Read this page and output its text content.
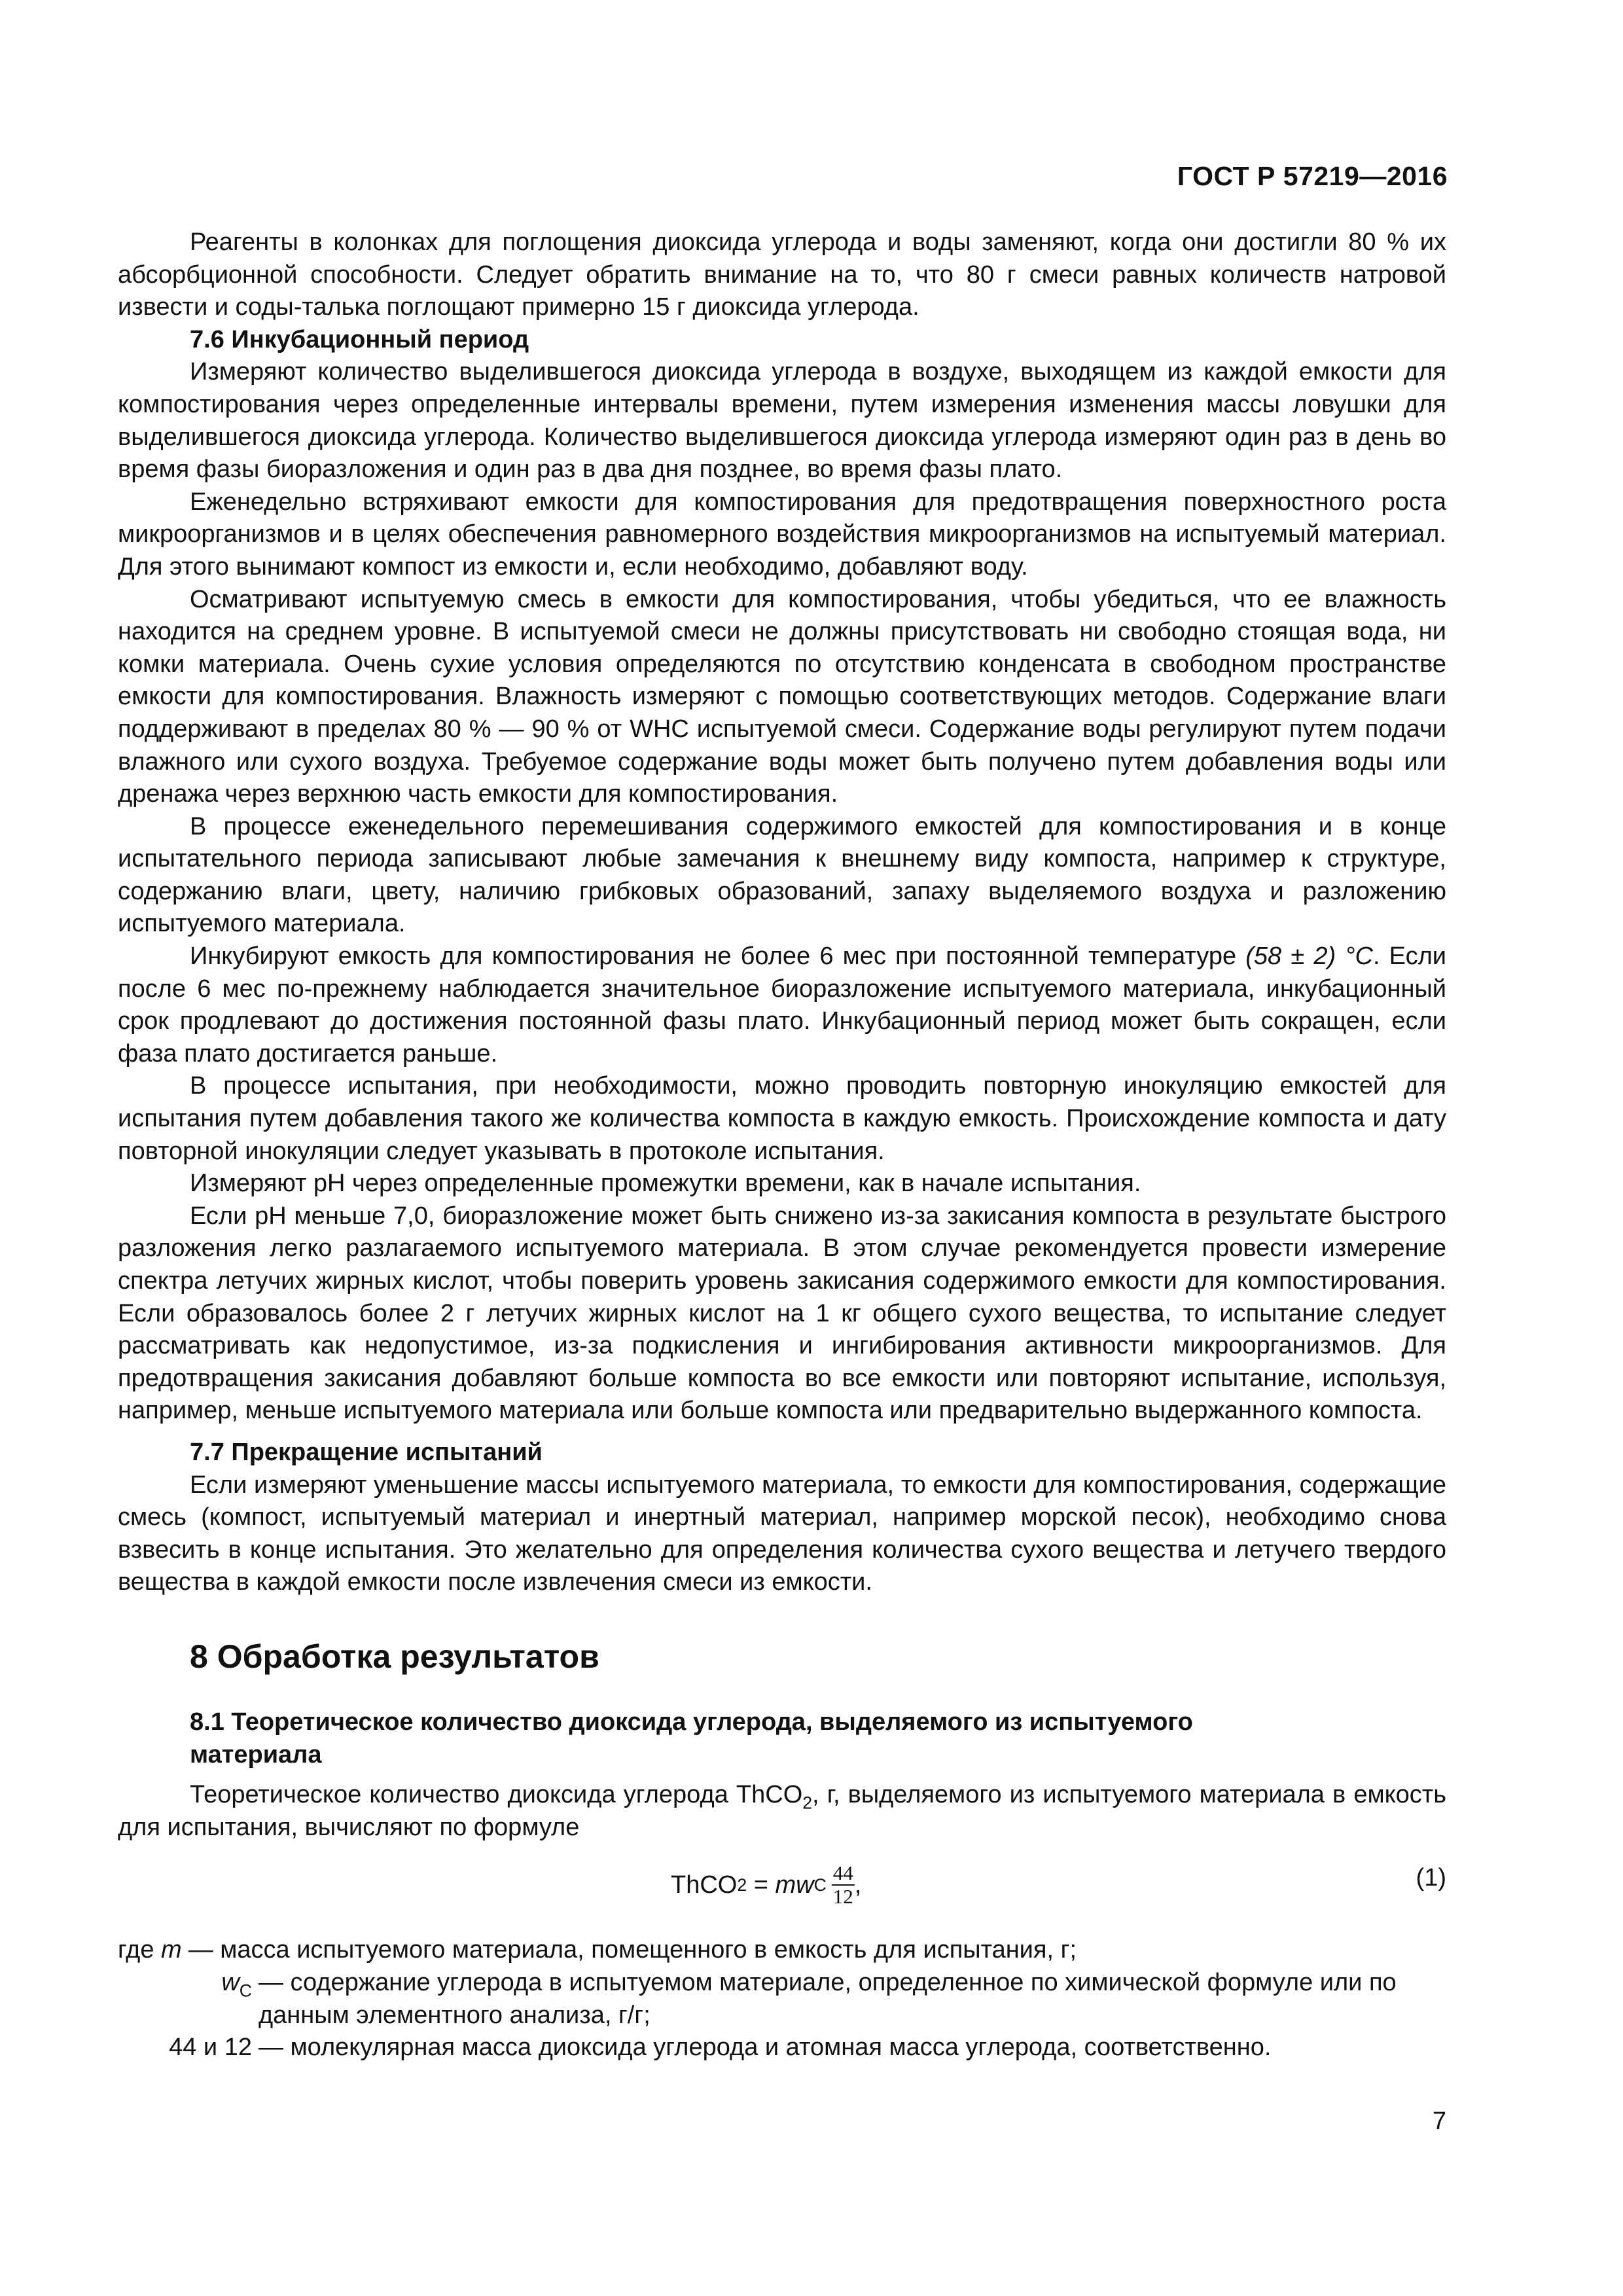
ГОСТ Р 57219—2016

Реагенты в колонках для поглощения диоксида углерода и воды заменяют, когда они достигли 80 % их абсорбционной способности. Следует обратить внимание на то, что 80 г смеси равных количеств натровой извести и соды-талька поглощают примерно 15 г диоксида углерода.

7.6 Инкубационный период

Измеряют количество выделившегося диоксида углерода в воздухе, выходящем из каждой емкости для компостирования через определенные интервалы времени, путем измерения изменения массы ловушки для выделившегося диоксида углерода. Количество выделившегося диоксида углерода измеряют один раз в день во время фазы биоразложения и один раз в два дня позднее, во время фазы плато.

Еженедельно встряхивают емкости для компостирования для предотвращения поверхностного роста микроорганизмов и в целях обеспечения равномерного воздействия микроорганизмов на испытуемый материал. Для этого вынимают компост из емкости и, если необходимо, добавляют воду.

Осматривают испытуемую смесь в емкости для компостирования, чтобы убедиться, что ее влажность находится на среднем уровне. В испытуемой смеси не должны присутствовать ни свободно стоящая вода, ни комки материала. Очень сухие условия определяются по отсутствию конденсата в свободном пространстве емкости для компостирования. Влажность измеряют с помощью соответствующих методов. Содержание влаги поддерживают в пределах 80 % — 90 % от WHC испытуемой смеси. Содержание воды регулируют путем подачи влажного или сухого воздуха. Требуемое содержание воды может быть получено путем добавления воды или дренажа через верхнюю часть емкости для компостирования.

В процессе еженедельного перемешивания содержимого емкостей для компостирования и в конце испытательного периода записывают любые замечания к внешнему виду компоста, например к структуре, содержанию влаги, цвету, наличию грибковых образований, запаху выделяемого воздуха и разложению испытуемого материала.

Инкубируют емкость для компостирования не более 6 мес при постоянной температуре (58 ± 2) °С. Если после 6 мес по-прежнему наблюдается значительное биоразложение испытуемого материала, инкубационный срок продлевают до достижения постоянной фазы плато. Инкубационный период может быть сокращен, если фаза плато достигается раньше.

В процессе испытания, при необходимости, можно проводить повторную инокуляцию емкостей для испытания путем добавления такого же количества компоста в каждую емкость. Происхождение компоста и дату повторной инокуляции следует указывать в протоколе испытания.

Измеряют рН через определенные промежутки времени, как в начале испытания.

Если рН меньше 7,0, биоразложение может быть снижено из-за закисания компоста в результате быстрого разложения легко разлагаемого испытуемого материала. В этом случае рекомендуется провести измерение спектра летучих жирных кислот, чтобы поверить уровень закисания содержимого емкости для компостирования. Если образовалось более 2 г летучих жирных кислот на 1 кг общего сухого вещества, то испытание следует рассматривать как недопустимое, из-за подкисления и ингибирования активности микроорганизмов. Для предотвращения закисания добавляют больше компоста во все емкости или повторяют испытание, используя, например, меньше испытуемого материала или больше компоста или предварительно выдержанного компоста.

7.7 Прекращение испытаний

Если измеряют уменьшение массы испытуемого материала, то емкости для компостирования, содержащие смесь (компост, испытуемый материал и инертный материал, например морской песок), необходимо снова взвесить в конце испытания. Это желательно для определения количества сухого вещества и летучего твердого вещества в каждой емкости после извлечения смеси из емкости.

8 Обработка результатов
8.1 Теоретическое количество диоксида углерода, выделяемого из испытуемого
материала

Теоретическое количество диоксида углерода ThCO$_2$, г, выделяемого из испытуемого материала в емкость для испытания, вычисляют по формуле

ThCO 2 = m w C $\frac{44}{12}$ ,	(1)
где m — масса испытуемого материала, помещенного в емкость для испытания, г;
$w_C$ — содержание углерода в испытуемом материале, определенное по химической формуле или по данным элементного анализа, г/г;
44 и 12 — молекулярная масса диоксида углерода и атомная масса углерода, соответственно.
7
